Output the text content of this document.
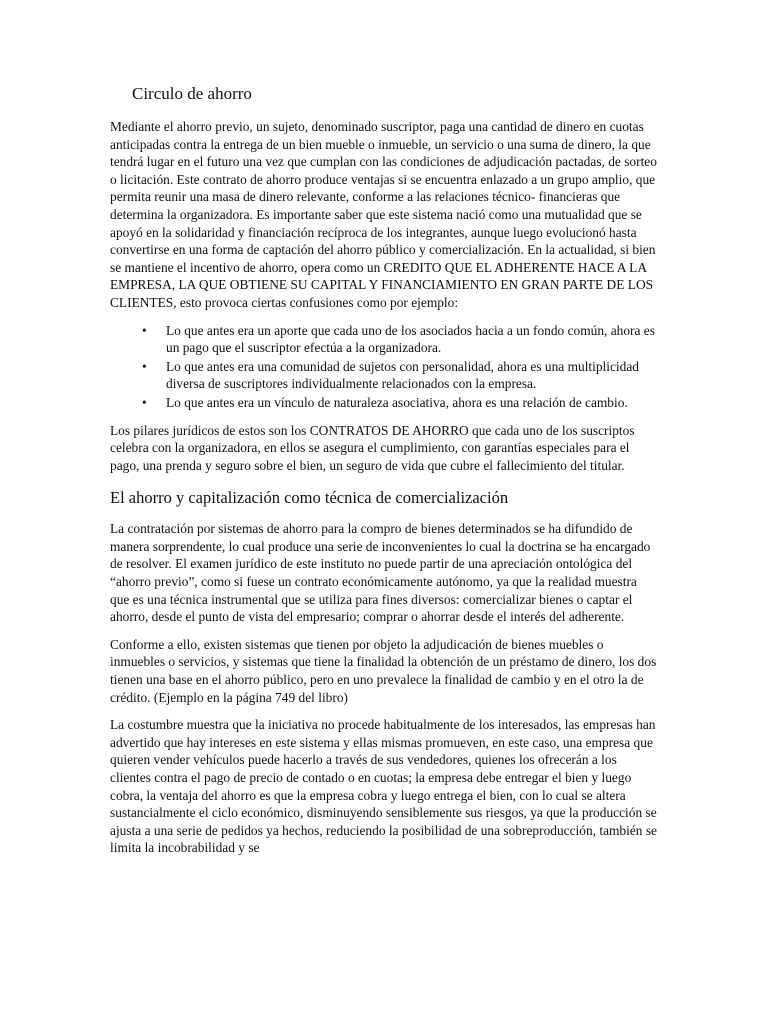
Circulo de ahorro

Mediante el ahorro previo, un sujeto, denominado suscriptor, paga una cantidad de dinero en cuotas anticipadas contra la entrega de un bien mueble o inmueble, un servicio o una suma de dinero, la que tendrá lugar en el futuro una vez que cumplan con las condiciones de adjudicación pactadas, de sorteo o licitación. Este contrato de ahorro produce ventajas si se encuentra enlazado a un grupo amplio, que permita reunir una masa de dinero relevante, conforme a las relaciones técnico- financieras que determina la organizadora. Es importante saber que este sistema nació como una mutualidad que se apoyó en la solidaridad y financiación recíproca de los integrantes, aunque luego evolucionó hasta convertirse en una forma de captación del ahorro público y comercialización. En la actualidad, si bien se mantiene el incentivo de ahorro, opera como un CREDITO QUE EL ADHERENTE HACE A LA EMPRESA, LA QUE OBTIENE SU CAPITAL Y FINANCIAMIENTO EN GRAN PARTE DE LOS CLIENTES, esto provoca ciertas confusiones como por ejemplo:

• Lo que antes era un aporte que cada uno de los asociados hacia a un fondo común, ahora es un pago que el suscriptor efectúa a la organizadora.
• Lo que antes era una comunidad de sujetos con personalidad, ahora es una multiplicidad diversa de suscriptores individualmente relacionados con la empresa.
• Lo que antes era un vínculo de naturaleza asociativa, ahora es una relación de cambio.

Los pilares jurídicos de estos son los CONTRATOS DE AHORRO que cada uno de los suscriptos celebra con la organizadora, en ellos se asegura el cumplimiento, con garantías especiales para el pago, una prenda y seguro sobre el bien, un seguro de vida que cubre el fallecimiento del titular.

El ahorro y capitalización como técnica de comercialización

La contratación por sistemas de ahorro para la compro de bienes determinados se ha difundido de manera sorprendente, lo cual produce una serie de inconvenientes lo cual la doctrina se ha encargado de resolver. El examen jurídico de este instituto no puede partir de una apreciación ontológica del “ahorro previo”, como si fuese un contrato económicamente autónomo, ya que la realidad muestra que es una técnica instrumental que se utiliza para fines diversos: comercializar bienes o captar el ahorro, desde el punto de vista del empresario; comprar o ahorrar desde el interés del adherente.

Conforme a ello, existen sistemas que tienen por objeto la adjudicación de bienes muebles o inmuebles o servicios, y sistemas que tiene la finalidad la obtención de un préstamo de dinero, los dos tienen una base en el ahorro público, pero en uno prevalece la finalidad de cambio y en el otro la de crédito. (Ejemplo en la página 749 del libro)

La costumbre muestra que la iniciativa no procede habitualmente de los interesados, las empresas han advertido que hay intereses en este sistema y ellas mismas promueven, en este caso, una empresa que quieren vender vehículos puede hacerlo a través de sus vendedores, quienes los ofrecerán a los clientes contra el pago de precio de contado o en cuotas; la empresa debe entregar el bien y luego cobra, la ventaja del ahorro es que la empresa cobra y luego entrega el bien, con lo cual se altera sustancialmente el ciclo económico, disminuyendo sensiblemente sus riesgos, ya que la producción se ajusta a una serie de pedidos ya hechos, reduciendo la posibilidad de una sobreproducción, también se limita la incobrabilidad y se
